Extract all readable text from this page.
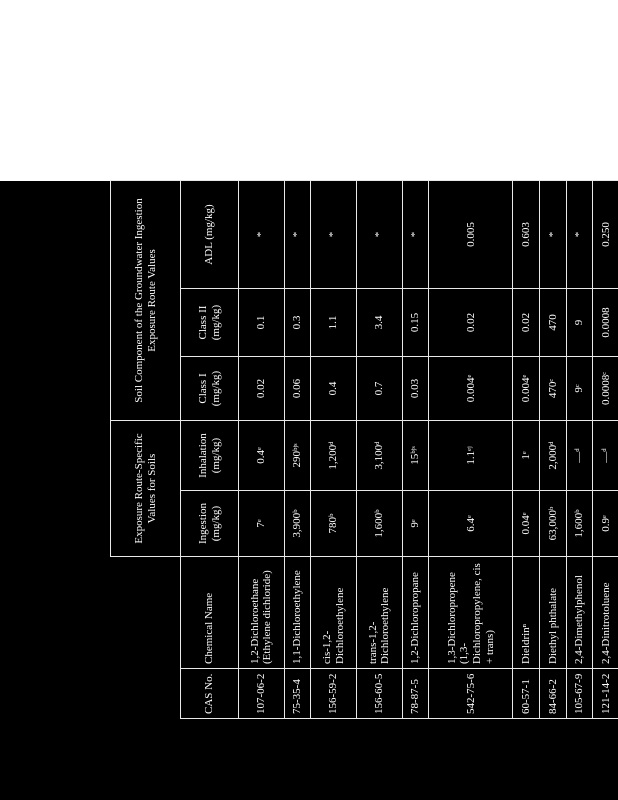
		Exposure Route-Specific Values for Soils		Soil Component of the Groundwater Ingestion Exposure Route Values		
CAS No.	Chemical Name	Ingestion (mg/kg)	Inhalation (mg/kg)	Class I (mg/kg)	Class II (mg/kg)	ADL (mg/kg)
107-06-2	1,2-Dichloroethane (Ethylene dichloride)	7ᵉ	0.4ᵉ	0.02	0.1	*
75-35-4	1,1-Dichloroethylene	3,900ᵇ	290ᵇʲˢ	0.06	0.3	*
156-59-2	cis-1,2-Dichloroethylene	780ᵇ	1,200ᵈ	0.4	1.1	*
156-60-5	trans-1,2-Dichloroethylene	1,600ᵇ	3,100ᵈ	0.7	3.4	*
78-87-5	1,2-Dichloropropane	9ᵉ	15ᵇʲˢ	0.03	0.15	*
542-75-6	1,3-Dichloropropene (1,3-Dichloropropylene, cis + trans)	6.4ᵉ	1.1ᵉʲ	0.004ᵉ	0.02	0.005
60-57-1	Dieldrinⁿ	0.04ᵉ	1ᵉ	0.004ᵉ	0.02	0.603
84-66-2	Diethyl phthalate	63,000ᵇ	2,000ᵈ	470ᶜ	470	*
105-67-9	2,4-Dimethylphenol	1,600ᵇ	—ᵈ	9ᶜ	9	*
121-14-2	2,4-Dinitrotoluene	0.9ᵉ	—ᵈ	0.0008ᶜ	0.0008	0.250
